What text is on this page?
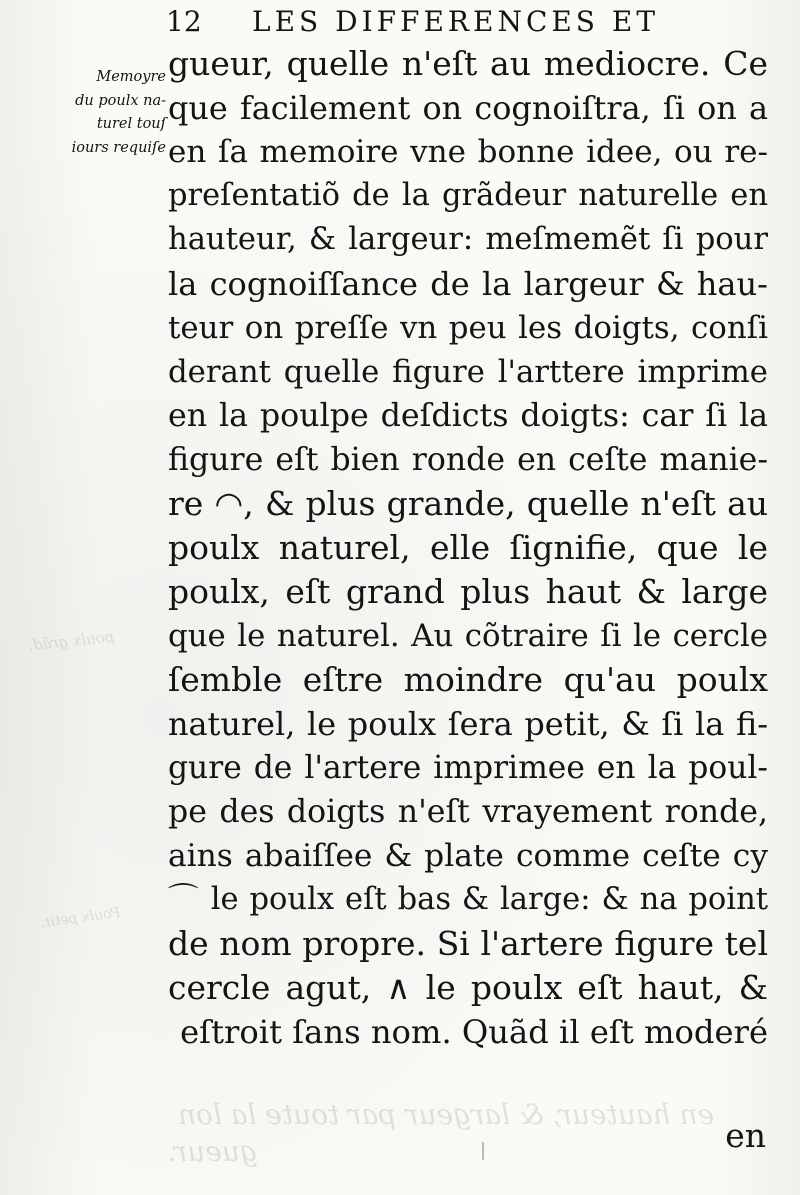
poulx grãd.
Poulx petit.
en hauteur, & largeur par toute la lon
gueur.
12 LES DIFFERENCES ET
Memoyre
du poulx na-
turel touſ
iours requiſe
gueur, quelle n'eſt au mediocre. Ce
que facilement on cognoiſtra, ſi on a
en ſa memoire vne bonne idee, ou re-
preſentatiõ de la grãdeur naturelle en
hauteur, & largeur: meſmemẽt ſi pour
la cognoiſſance de la largeur & hau-
teur on preſſe vn peu les doigts, conſi
derant quelle figure l'arttere imprime
en la poulpe deſdicts doigts: car ſi la
figure eſt bien ronde en ceſte manie-
re ◠, & plus grande, quelle n'eſt au
poulx naturel, elle ſignifie, que le
poulx, eſt grand plus haut & large
que le naturel. Au cõtraire ſi le cercle
ſemble eſtre moindre qu'au poulx
naturel, le poulx ſera petit, & ſi la fi-
gure de l'artere imprimee en la poul-
pe des doigts n'eſt vrayement ronde,
ains abaiſſee & plate comme ceſte cy
⌒ le poulx eſt bas & large: & na point
de nom propre. Si l'artere figure tel
cercle agut, ∧ le poulx eſt haut, &
eſtroit ſans nom. Quãd il eſt moderé
en
